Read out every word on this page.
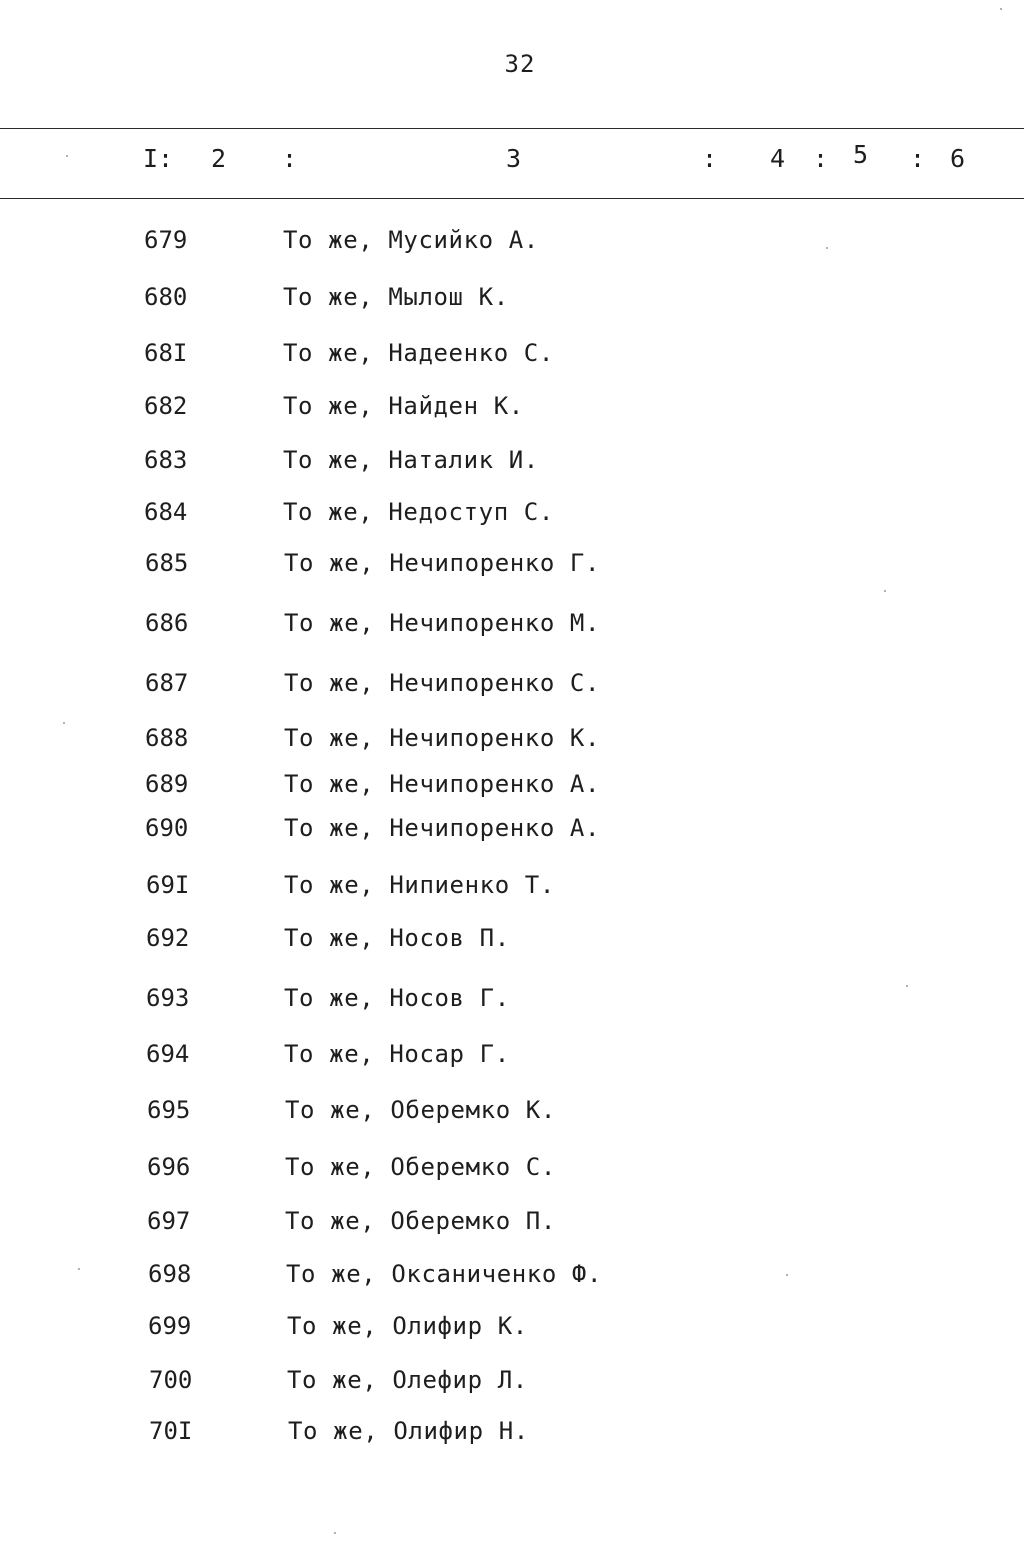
32
I: 2 :	3	: 4 : 5 : 6
679	То же, Мусийко А.
680	То же, Мылош К.
68I	То же, Надеенко С.
682	То же, Найден К.
683	То же, Наталик И.
684	То же, Недоступ С.
685	То же, Нечипоренко Г.
686	То же, Нечипоренко М.
687	То же, Нечипоренко С.
688	То же, Нечипоренко К.
689	То же, Нечипоренко А.
690	То же, Нечипоренко А.
69I	То же, Нипиенко Т.
692	То же, Носов П.
693	То же, Носов Г.
694	То же, Носар Г.
695	То же, Оберемко К.
696	То же, Оберемко С.
697	То же, Оберемко П.
698	То же, Оксаниченко Ф.
699	То же, Олифир К.
700	То же, Олефир Л.
70I	То же, Олифир Н.
